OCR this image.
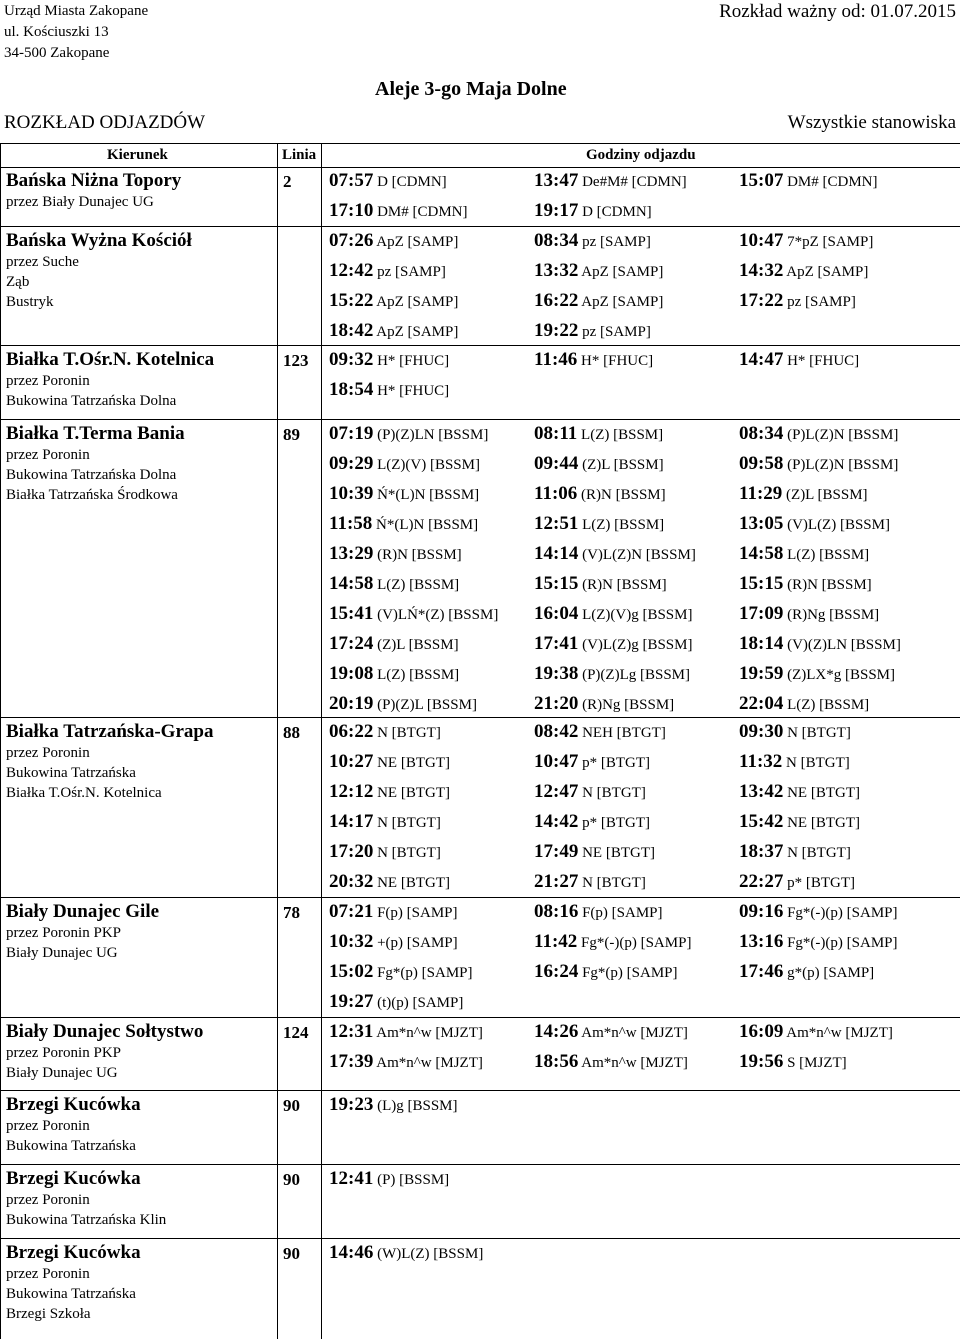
Urząd Miasta Zakopane
ul. Kościuszki 13
34-500 Zakopane
Rozkład ważny od: 01.07.2015
Aleje 3-go Maja Dolne
ROZKŁAD ODJAZDÓW	Wszystkie stanowiska
Kierunek	Linia	Godziny odjazdu
Bańska Niżna Topory
przez Biały Dunajec UG
2 07:57 D [CDMN]	13:47 De#M# [CDMN]	15:07 DM# [CDMN]
17:10 DM# [CDMN]	19:17 D [CDMN]
Bańska Wyżna Kościół
przez Suche
Ząb
Bustryk
07:26 ApZ [SAMP]	08:34 pz [SAMP]	10:47 7*pZ [SAMP]
12:42 pz [SAMP]	13:32 ApZ [SAMP]	14:32 ApZ [SAMP]
15:22 ApZ [SAMP]	16:22 ApZ [SAMP]	17:22 pz [SAMP]
18:42 ApZ [SAMP]	19:22 pz [SAMP]
Białka T.Ośr.N. Kotelnica
przez Poronin
Bukowina Tatrzańska Dolna
123 09:32 H* [FHUC]	11:46 H* [FHUC]	14:47 H* [FHUC]
18:54 H* [FHUC]
Białka T.Terma Bania
przez Poronin
Bukowina Tatrzańska Dolna
Białka Tatrzańska Środkowa
89 07:19 (P)(Z)LN [BSSM] 08:11 L(Z) [BSSM]	08:34 (P)L(Z)N [BSSM]
09:29 L(Z)(V) [BSSM]	09:44 (Z)L [BSSM]	09:58 (P)L(Z)N [BSSM]
10:39 Ń*(L)N [BSSM]	11:06 (R)N [BSSM]	11:29 (Z)L [BSSM]
11:58 Ń*(L)N [BSSM]	12:51 L(Z) [BSSM]	13:05 (V)L(Z) [BSSM]
13:29 (R)N [BSSM]	14:14 (V)L(Z)N [BSSM] 14:58 L(Z) [BSSM]
14:58 L(Z) [BSSM]	15:15 (R)N [BSSM]	15:15 (R)N [BSSM]
15:41 (V)LŃ*(Z) [BSSM] 16:04 L(Z)(V)g [BSSM] 17:09 (R)Ng [BSSM]
17:24 (Z)L [BSSM]	17:41 (V)L(Z)g [BSSM] 18:14 (V)(Z)LN [BSSM]
19:08 L(Z) [BSSM]	19:38 (P)(Z)Lg [BSSM]	19:59 (Z)LX*g [BSSM]
20:19 (P)(Z)L [BSSM]	21:20 (R)Ng [BSSM]	22:04 L(Z) [BSSM]
Białka Tatrzańska-Grapa
przez Poronin
Bukowina Tatrzańska
Białka T.Ośr.N. Kotelnica
88 06:22 N [BTGT]	08:42 NEH [BTGT]	09:30 N [BTGT]
10:27 NE [BTGT]	10:47 p* [BTGT]	11:32 N [BTGT]
12:12 NE [BTGT]	12:47 N [BTGT]	13:42 NE [BTGT]
14:17 N [BTGT]	14:42 p* [BTGT]	15:42 NE [BTGT]
17:20 N [BTGT]	17:49 NE [BTGT]	18:37 N [BTGT]
20:32 NE [BTGT]	21:27 N [BTGT]	22:27 p* [BTGT]
Biały Dunajec Gile
przez Poronin PKP
Biały Dunajec UG
78 07:21 F(p) [SAMP]	08:16 F(p) [SAMP]	09:16 Fg*(-)(p) [SAMP]
10:32 +(p) [SAMP]	11:42 Fg*(-)(p) [SAMP]	13:16 Fg*(-)(p) [SAMP]
15:02 Fg*(p) [SAMP]	16:24 Fg*(p) [SAMP]	17:46 g*(p) [SAMP]
19:27 (t)(p) [SAMP]
Biały Dunajec Sołtystwo
przez Poronin PKP
Biały Dunajec UG
124 12:31 Am*n^w [MJZT]	14:26 Am*n^w [MJZT]	16:09 Am*n^w [MJZT]
17:39 Am*n^w [MJZT]	18:56 Am*n^w [MJZT]	19:56 S [MJZT]
Brzegi Kucówka
przez Poronin
Bukowina Tatrzańska
90 19:23 (L)g [BSSM]
Brzegi Kucówka
przez Poronin
Bukowina Tatrzańska Klin
90 12:41 (P) [BSSM]
Brzegi Kucówka
przez Poronin
Bukowina Tatrzańska
Brzegi Szkoła
90 14:46 (W)L(Z) [BSSM]
